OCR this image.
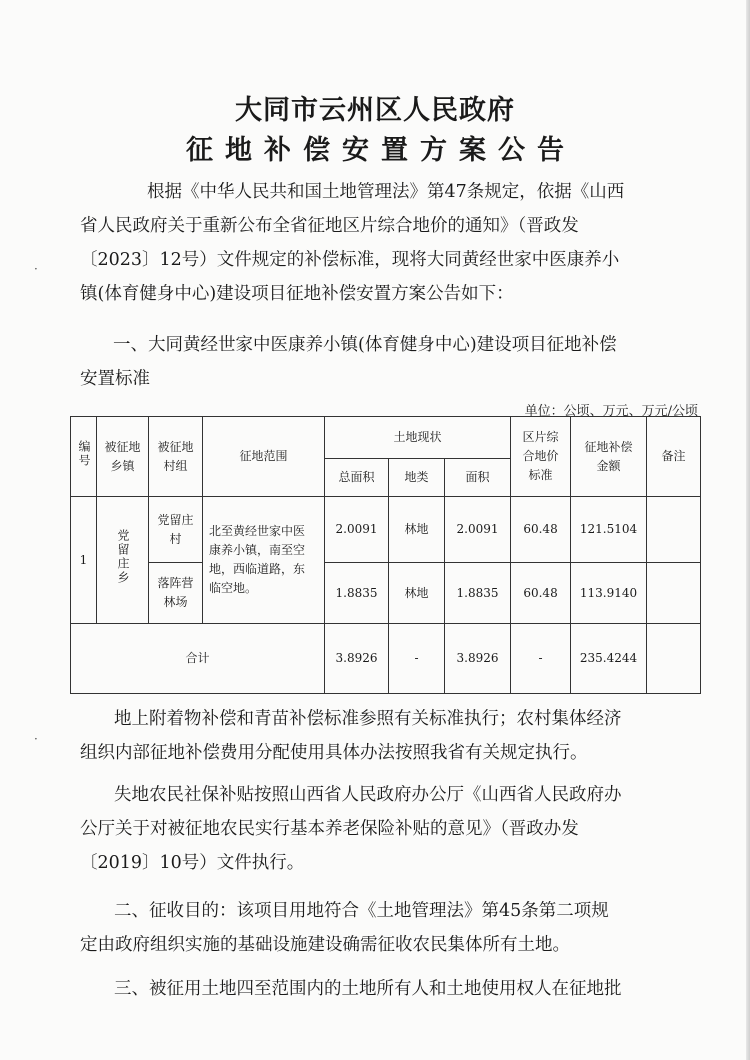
·
·
大同市云州区人民政府
征地补偿安置方案公告
根据《中华人民共和国土地管理法》第47条规定，依据《山西
省人民政府关于重新公布全省征地区片综合地价的通知》（晋政发
〔2023〕12号）文件规定的补偿标准，现将大同黄经世家中医康养小
镇(体育健身中心)建设项目征地补偿安置方案公告如下：
一、大同黄经世家中医康养小镇(体育健身中心)建设项目征地补偿
安置标准
单位：公顷、万元、万元/公顷
编号	被征地乡镇	被征地村组	征地范围	土地现状			区片综合地价标准	征地补偿金额	备注
				总面积	地类	面积			
1	党留庄乡	党留庄村	北至黄经世家中医康养小镇，南至空地，西临道路，东临空地。	2.0091	林地	2.0091	60.48	121.5104	
		落阵营林场		1.8835	林地	1.8835	60.48	113.9140	
合计				3.8926	-	3.8926	-	235.4244	
地上附着物补偿和青苗补偿标准参照有关标准执行；农村集体经济
组织内部征地补偿费用分配使用具体办法按照我省有关规定执行。
失地农民社保补贴按照山西省人民政府办公厅《山西省人民政府办
公厅关于对被征地农民实行基本养老保险补贴的意见》（晋政办发
〔2019〕10号）文件执行。
二、征收目的：该项目用地符合《土地管理法》第45条第二项规
定由政府组织实施的基础设施建设确需征收农民集体所有土地。
三、被征用土地四至范围内的土地所有人和土地使用权人在征地批
